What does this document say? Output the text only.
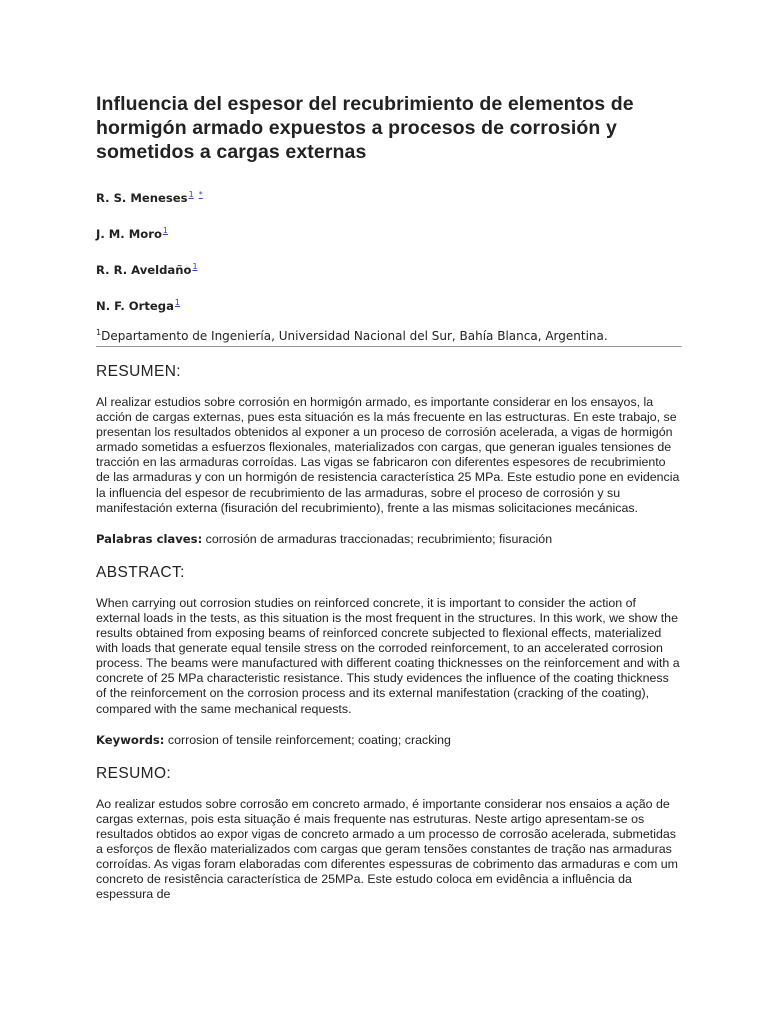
Influencia del espesor del recubrimiento de elementos de hormigón armado expuestos a procesos de corrosión y sometidos a cargas externas
R. S. Meneses$^1$ *
J. M. Moro$^1$
R. R. Aveldaño$^1$
N. F. Ortega$^1$
$^1$Departamento de Ingeniería, Universidad Nacional del Sur, Bahía Blanca, Argentina.
RESUMEN:
Al realizar estudios sobre corrosión en hormigón armado, es importante considerar en los ensayos, la acción de cargas externas, pues esta situación es la más frecuente en las estructuras. En este trabajo, se presentan los resultados obtenidos al exponer a un proceso de corrosión acelerada, a vigas de hormigón armado sometidas a esfuerzos flexionales, materializados con cargas, que generan iguales tensiones de tracción en las armaduras corroídas. Las vigas se fabricaron con diferentes espesores de recubrimiento de las armaduras y con un hormigón de resistencia característica 25 MPa. Este estudio pone en evidencia la influencia del espesor de recubrimiento de las armaduras, sobre el proceso de corrosión y su manifestación externa (fisuración del recubrimiento), frente a las mismas solicitaciones mecánicas.
Palabras claves: corrosión de armaduras traccionadas; recubrimiento; fisuración
ABSTRACT:
When carrying out corrosion studies on reinforced concrete, it is important to consider the action of external loads in the tests, as this situation is the most frequent in the structures. In this work, we show the results obtained from exposing beams of reinforced concrete subjected to flexional effects, materialized with loads that generate equal tensile stress on the corroded reinforcement, to an accelerated corrosion process. The beams were manufactured with different coating thicknesses on the reinforcement and with a concrete of 25 MPa characteristic resistance. This study evidences the influence of the coating thickness of the reinforcement on the corrosion process and its external manifestation (cracking of the coating), compared with the same mechanical requests.
Keywords: corrosion of tensile reinforcement; coating; cracking
RESUMO:
Ao realizar estudos sobre corrosão em concreto armado, é importante considerar nos ensaios a ação de cargas externas, pois esta situação é mais frequente nas estruturas. Neste artigo apresentam-se os resultados obtidos ao expor vigas de concreto armado a um processo de corrosão acelerada, submetidas a esforços de flexão materializados com cargas que geram tensões constantes de tração nas armaduras corroídas. As vigas foram elaboradas com diferentes espessuras de cobrimento das armaduras e com um concreto de resistência característica de 25MPa. Este estudo coloca em evidência a influência da espessura de
